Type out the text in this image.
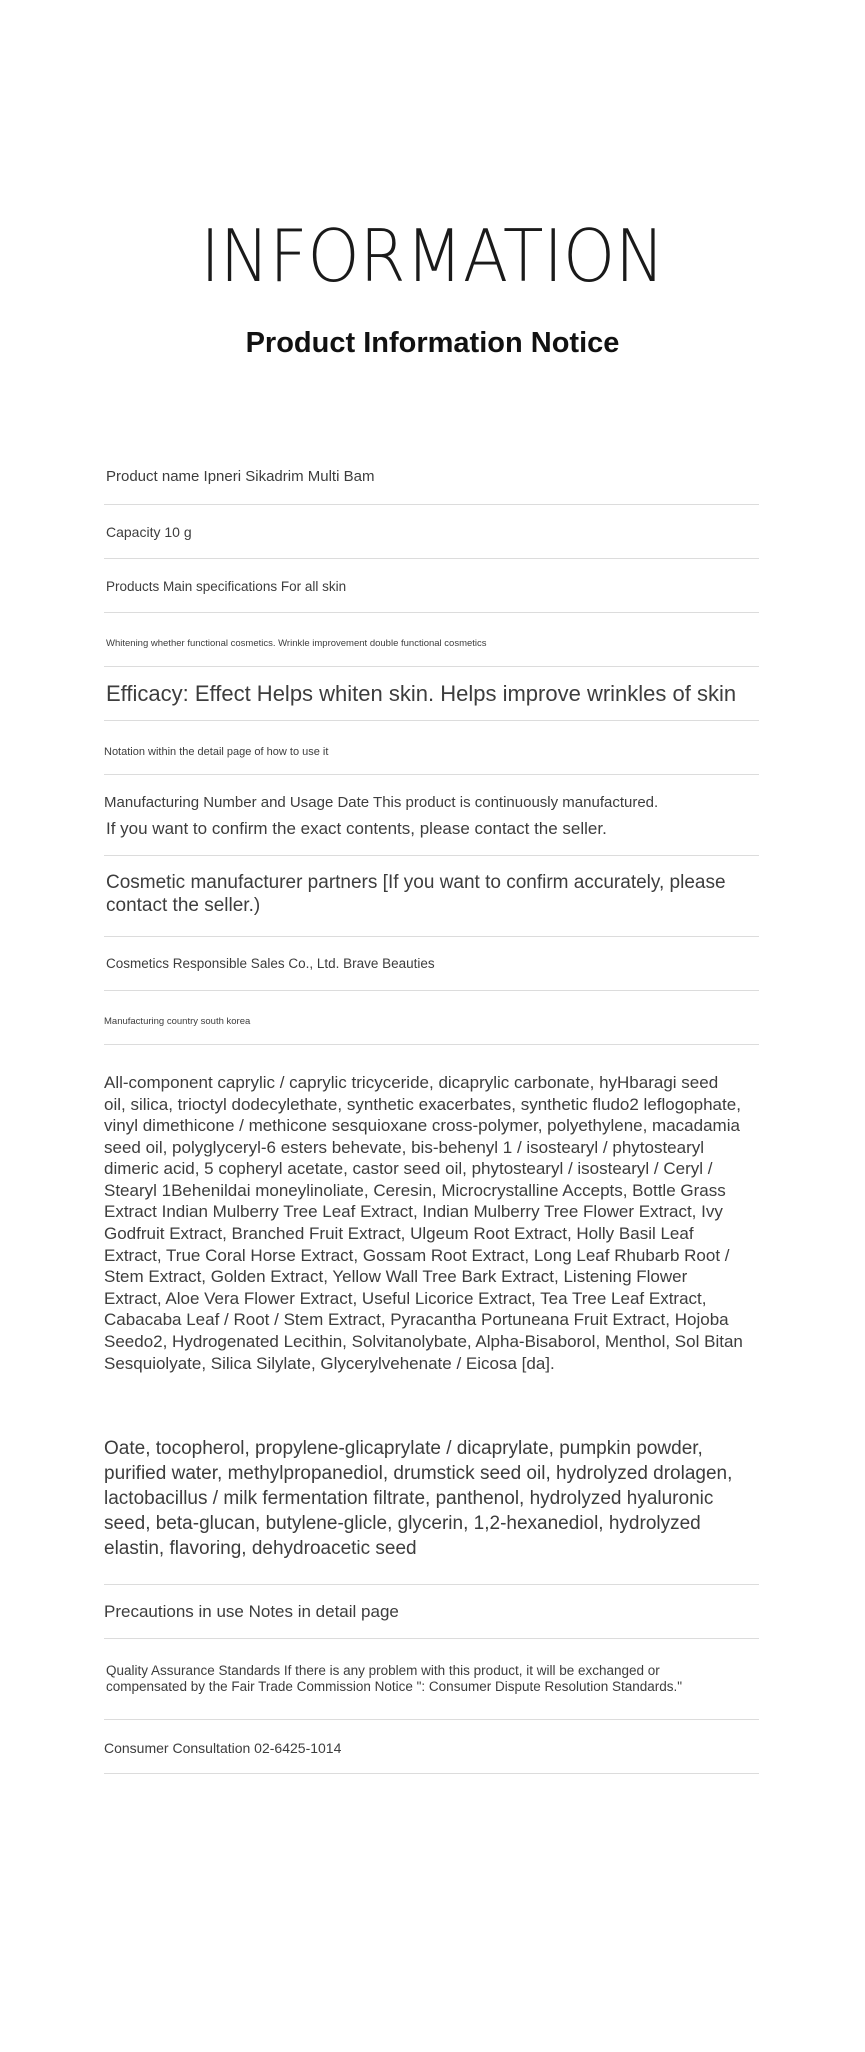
INFORMATION
Product Information Notice

Product name Ipneri Sikadrim Multi Bam

Capacity 10 g

Products Main specifications For all skin

Whitening whether functional cosmetics. Wrinkle improvement double functional cosmetics

Efficacy: Effect Helps whiten skin. Helps improve wrinkles of skin

Notation within the detail page of how to use it

Manufacturing Number and Usage Date This product is continuously manufactured.

If you want to confirm the exact contents, please contact the seller.

Cosmetic manufacturer partners [If you want to confirm accurately, please contact the seller.)

Cosmetics Responsible Sales Co., Ltd. Brave Beauties

Manufacturing country south korea

All-component caprylic / caprylic tricyceride, dicaprylic carbonate, hyHbaragi seed oil, silica, trioctyl dodecylethate, synthetic exacerbates, synthetic fludo2 leflogophate, vinyl dimethicone / methicone sesquioxane cross-polymer, polyethylene, macadamia seed oil, polyglyceryl-6 esters behevate, bis-behenyl 1 / isostearyl / phytostearyl dimeric acid, 5 copheryl acetate, castor seed oil, phytostearyl / isostearyl / Ceryl / Stearyl 1Behenildai moneylinoliate, Ceresin, Microcrystalline Accepts, Bottle Grass Extract Indian Mulberry Tree Leaf Extract, Indian Mulberry Tree Flower Extract, Ivy Godfruit Extract, Branched Fruit Extract, Ulgeum Root Extract, Holly Basil Leaf Extract, True Coral Horse Extract, Gossam Root Extract, Long Leaf Rhubarb Root / Stem Extract, Golden Extract, Yellow Wall Tree Bark Extract, Listening Flower Extract, Aloe Vera Flower Extract, Useful Licorice Extract, Tea Tree Leaf Extract, Cabacaba Leaf / Root / Stem Extract, Pyracantha Portuneana Fruit Extract, Hojoba Seedo2, Hydrogenated Lecithin, Solvitanolybate, Alpha-Bisaborol, Menthol, Sol Bitan Sesquiolyate, Silica Silylate, Glycerylvehenate / Eicosa [da].

Oate, tocopherol, propylene-glicaprylate / dicaprylate, pumpkin powder, purified water, methylpropanediol, drumstick seed oil, hydrolyzed drolagen, lactobacillus / milk fermentation filtrate, panthenol, hydrolyzed hyaluronic seed, beta-glucan, butylene-glicle, glycerin, 1,2-hexanediol, hydrolyzed elastin, flavoring, dehydroacetic seed

Precautions in use Notes in detail page

Quality Assurance Standards If there is any problem with this product, it will be exchanged or compensated by the Fair Trade Commission Notice ": Consumer Dispute Resolution Standards."

Consumer Consultation 02-6425-1014
